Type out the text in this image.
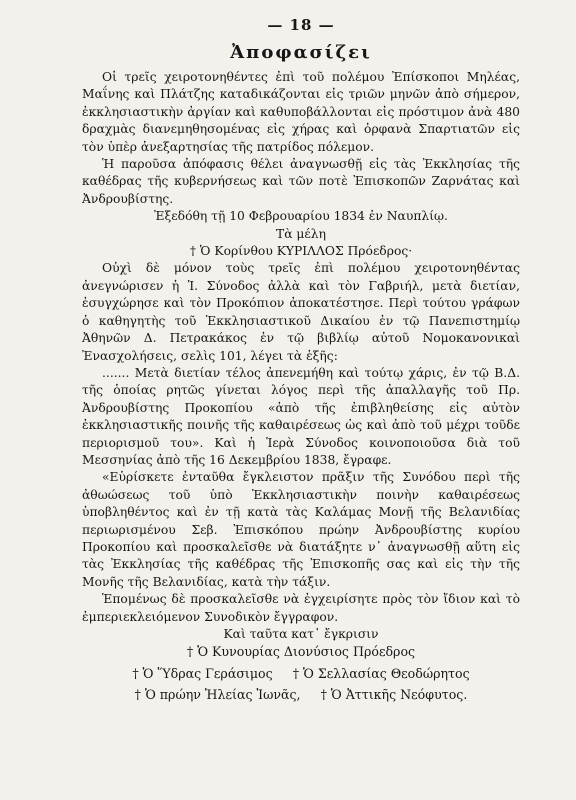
— 18 —
Ἀποφασίζει

Οἱ τρεῖς χειροτονηθέντες ἐπὶ τοῦ πολέμου Ἐπίσκοποι Μηλέας, Μαΐνης καὶ Πλάτζης καταδικάζονται εἰς τριῶν μηνῶν ἀπὸ σήμερον, ἐκκλησιαστικὴν ἀργίαν καὶ καθυποβάλλονται εἰς πρόστιμον ἀνὰ 480 δραχμὰς διανεμηθησομένας εἰς χήρας καὶ ὀρφανὰ Σπαρτιατῶν εἰς τὸν ὑπὲρ ἀνεξαρτησίας τῆς πατρίδος πόλεμον.

Ἡ παροῦσα ἀπόφασις θέλει ἀναγνωσθῇ εἰς τὰς Ἐκκλησίας τῆς καθέδρας τῆς κυβερνήσεως καὶ τῶν ποτὲ Ἐπισκοπῶν Ζαρνάτας καὶ Ἀνδρουβίστης.

Ἐξεδόθη τῇ 10 Φεβρουαρίου 1834 ἐν Ναυπλίῳ.

Τὰ μέλη

† Ὁ Κορίνθου ΚΥΡΙΛΛΟΣ Πρόεδρος·

Οὐχὶ δὲ μόνον τοὺς τρεῖς ἐπὶ πολέμου χειροτονηθέντας ἀνεγνώρισεν ἡ Ἱ. Σύνοδος ἀλλὰ καὶ τὸν Γαβριήλ, μετὰ διετίαν, ἐσυγχώρησε καὶ τὸν Προκόπιον ἀποκατέστησε. Περὶ τούτου γράφων ὁ καθηγητὴς τοῦ Ἐκκλησιαστικοῦ Δικαίου ἐν τῷ Πανεπιστημίῳ Ἀθηνῶν Δ. Πετρακάκος ἐν τῷ βιβλίῳ αὐτοῦ Νομοκανονικαὶ Ἐνασχολήσεις, σελὶς 101, λέγει τὰ ἑξῆς:

....... Μετὰ διετίαν τέλος ἀπενεμήθη καὶ τούτῳ χάρις, ἐν τῷ Β.Δ. τῆς ὁποίας ρητῶς γίνεται λόγος περὶ τῆς ἀπαλλαγῆς τοῦ Πρ. Ἀνδρουβίστης Προκοπίου «ἀπὸ τῆς ἐπιβληθείσης εἰς αὐτὸν ἐκκλησιαστικῆς ποινῆς τῆς καθαιρέσεως ὡς καὶ ἀπὸ τοῦ μέχρι τοῦδε περιορισμοῦ του». Καὶ ἡ Ἱερὰ Σύνοδος κοινοποιοῦσα διὰ τοῦ Μεσσηνίας ἀπὸ τῆς 16 Δεκεμβρίου 1838, ἔγραφε.

«Εὑρίσκετε ἐνταῦθα ἔγκλειστον πρᾶξιν τῆς Συνόδου περὶ τῆς ἀθωώσεως τοῦ ὑπὸ Ἐκκλησιαστικὴν ποινὴν καθαιρέσεως ὑποβληθέντος καὶ ἐν τῇ κατὰ τὰς Καλάμας Μονῇ τῆς Βελανιδίας περιωρισμένου Σεβ. Ἐπισκόπου πρώην Ἀνδρουβίστης κυρίου Προκοπίου καὶ προσκαλεῖσθε νὰ διατάξητε ν᾽ ἀναγνωσθῇ αὕτη εἰς τὰς Ἐκκλησίας τῆς καθέδρας τῆς Ἐπισκοπῆς σας καὶ εἰς τὴν τῆς Μονῆς τῆς Βελανιδίας, κατὰ τὴν τάξιν.

Ἑπομένως δὲ προσκαλεῖσθε νὰ ἐγχειρίσητε πρὸς τὸν ἴδιον καὶ τὸ ἐμπεριεκλειόμενον Συνοδικὸν ἔγγραφον.

Καὶ ταῦτα κατ᾽ ἔγκρισιν

† Ὁ Κυνουρίας Διονύσιος Πρόεδρος

† Ὁ Ὕδρας Γεράσιμος † Ὁ Σελλασίας Θεοδώρητος
† Ὁ πρώην Ἠλείας Ἰωνᾶς, † Ὁ Ἀττικῆς Νεόφυτος.
